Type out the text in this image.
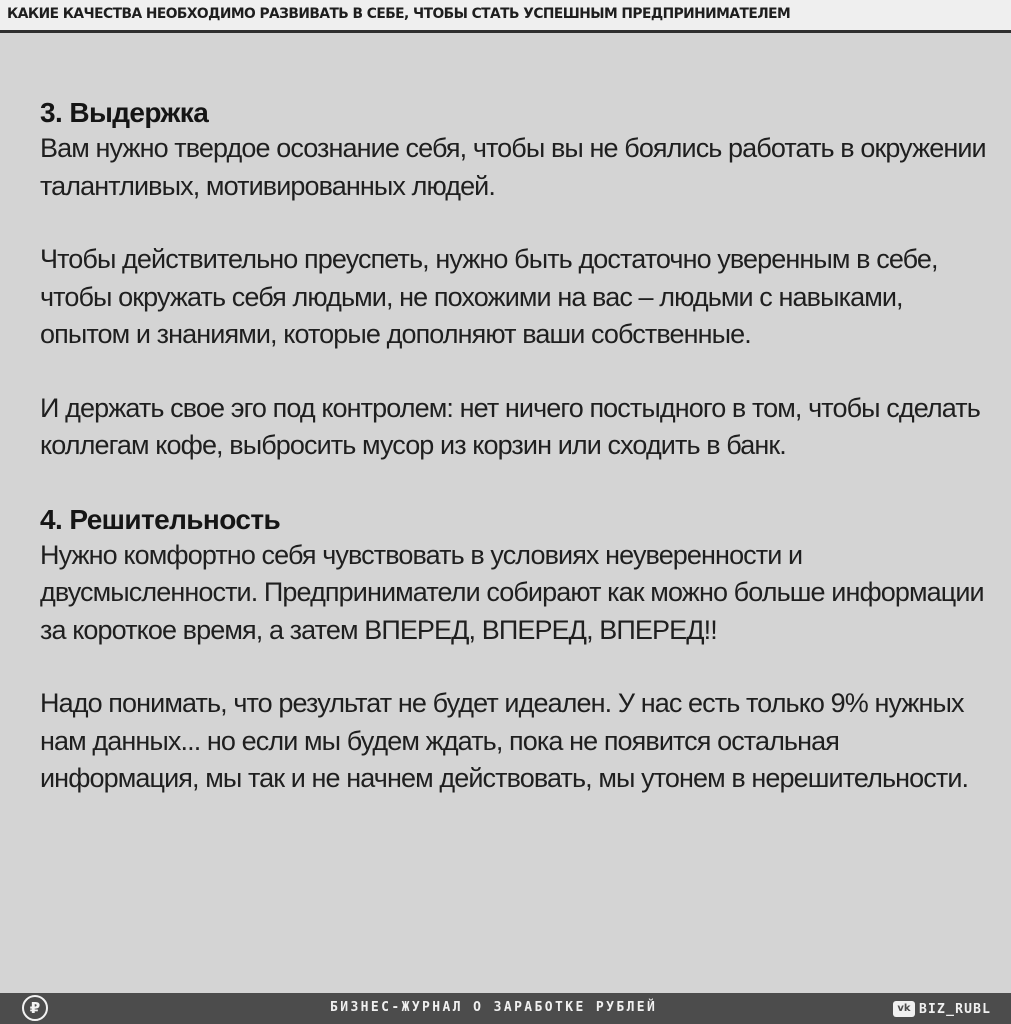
КАКИЕ КАЧЕСТВА НЕОБХОДИМО РАЗВИВАТЬ В СЕБЕ, ЧТОБЫ СТАТЬ УСПЕШНЫМ ПРЕДПРИНИМАТЕЛЕМ
3. Выдержка

Вам нужно твердое осознание себя, чтобы вы не боялись работать в окружении талантливых, мотивированных людей.

Чтобы действительно преуспеть, нужно быть достаточно уверенным в себе, чтобы окружать себя людьми, не похожими на вас – людьми с навыками, опытом и знаниями, которые дополняют ваши собственные.

И держать свое эго под контролем: нет ничего постыдного в том, чтобы сделать коллегам кофе, выбросить мусор из корзин или сходить в банк.

4. Решительность

Нужно комфортно себя чувствовать в условиях неуверенности и двусмысленности. Предприниматели собирают как можно больше информации за короткое время, а затем ВПЕРЕД, ВПЕРЕД, ВПЕРЕД!!

Надо понимать, что результат не будет идеален. У нас есть только 9% нужных нам данных... но если мы будем ждать, пока не появится остальная информация, мы так и не начнем действовать, мы утонем в нерешительности.

₽	БИЗНЕС-ЖУРНАЛ О ЗАРАБОТКЕ РУБЛЕЙ	vk BIZ_RUBL
